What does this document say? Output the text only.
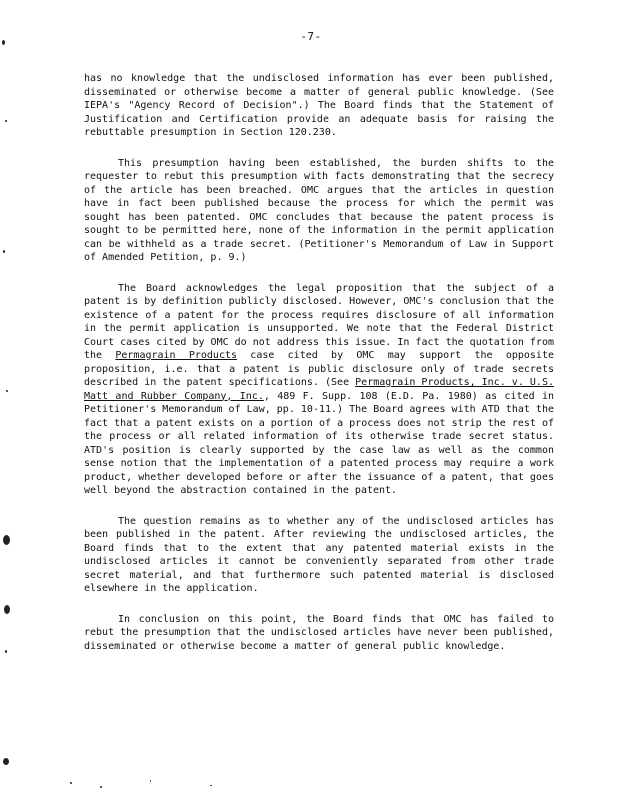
-7-

has no knowledge that the undisclosed information has ever been published, disseminated or otherwise become a matter of general public knowledge. (See IEPA's "Agency Record of Decision".) The Board finds that the Statement of Justification and Certification provide an adequate basis for raising the rebuttable presumption in Section 120.230.

This presumption having been established, the burden shifts to the requester to rebut this presumption with facts demonstrating that the secrecy of the article has been breached. OMC argues that the articles in question have in fact been published because the process for which the permit was sought has been patented. OMC concludes that because the patent process is sought to be permitted here, none of the information in the permit application can be withheld as a trade secret. (Petitioner's Memorandum of Law in Support of Amended Petition, p. 9.)

The Board acknowledges the legal proposition that the subject of a patent is by definition publicly disclosed. However, OMC's conclusion that the existence of a patent for the process requires disclosure of all information in the permit application is unsupported. We note that the Federal District Court cases cited by OMC do not address this issue. In fact the quotation from the Permagrain Products case cited by OMC may support the opposite proposition, i.e. that a patent is public disclosure only of trade secrets described in the patent specifications. (See Permagrain Products, Inc. v. U.S. Matt and Rubber Company, Inc., 489 F. Supp. 108 (E.D. Pa. 1980) as cited in Petitioner's Memorandum of Law, pp. 10-11.) The Board agrees with ATD that the fact that a patent exists on a portion of a process does not strip the rest of the process or all related information of its otherwise trade secret status. ATD's position is clearly supported by the case law as well as the common sense notion that the implementation of a patented process may require a work product, whether developed before or after the issuance of a patent, that goes well beyond the abstraction contained in the patent.

The question remains as to whether any of the undisclosed articles has been published in the patent. After reviewing the undisclosed articles, the Board finds that to the extent that any patented material exists in the undisclosed articles it cannot be conveniently separated from other trade secret material, and that furthermore such patented material is disclosed elsewhere in the application.

In conclusion on this point, the Board finds that OMC has failed to rebut the presumption that the undisclosed articles have never been published, disseminated or otherwise become a matter of general public knowledge.
